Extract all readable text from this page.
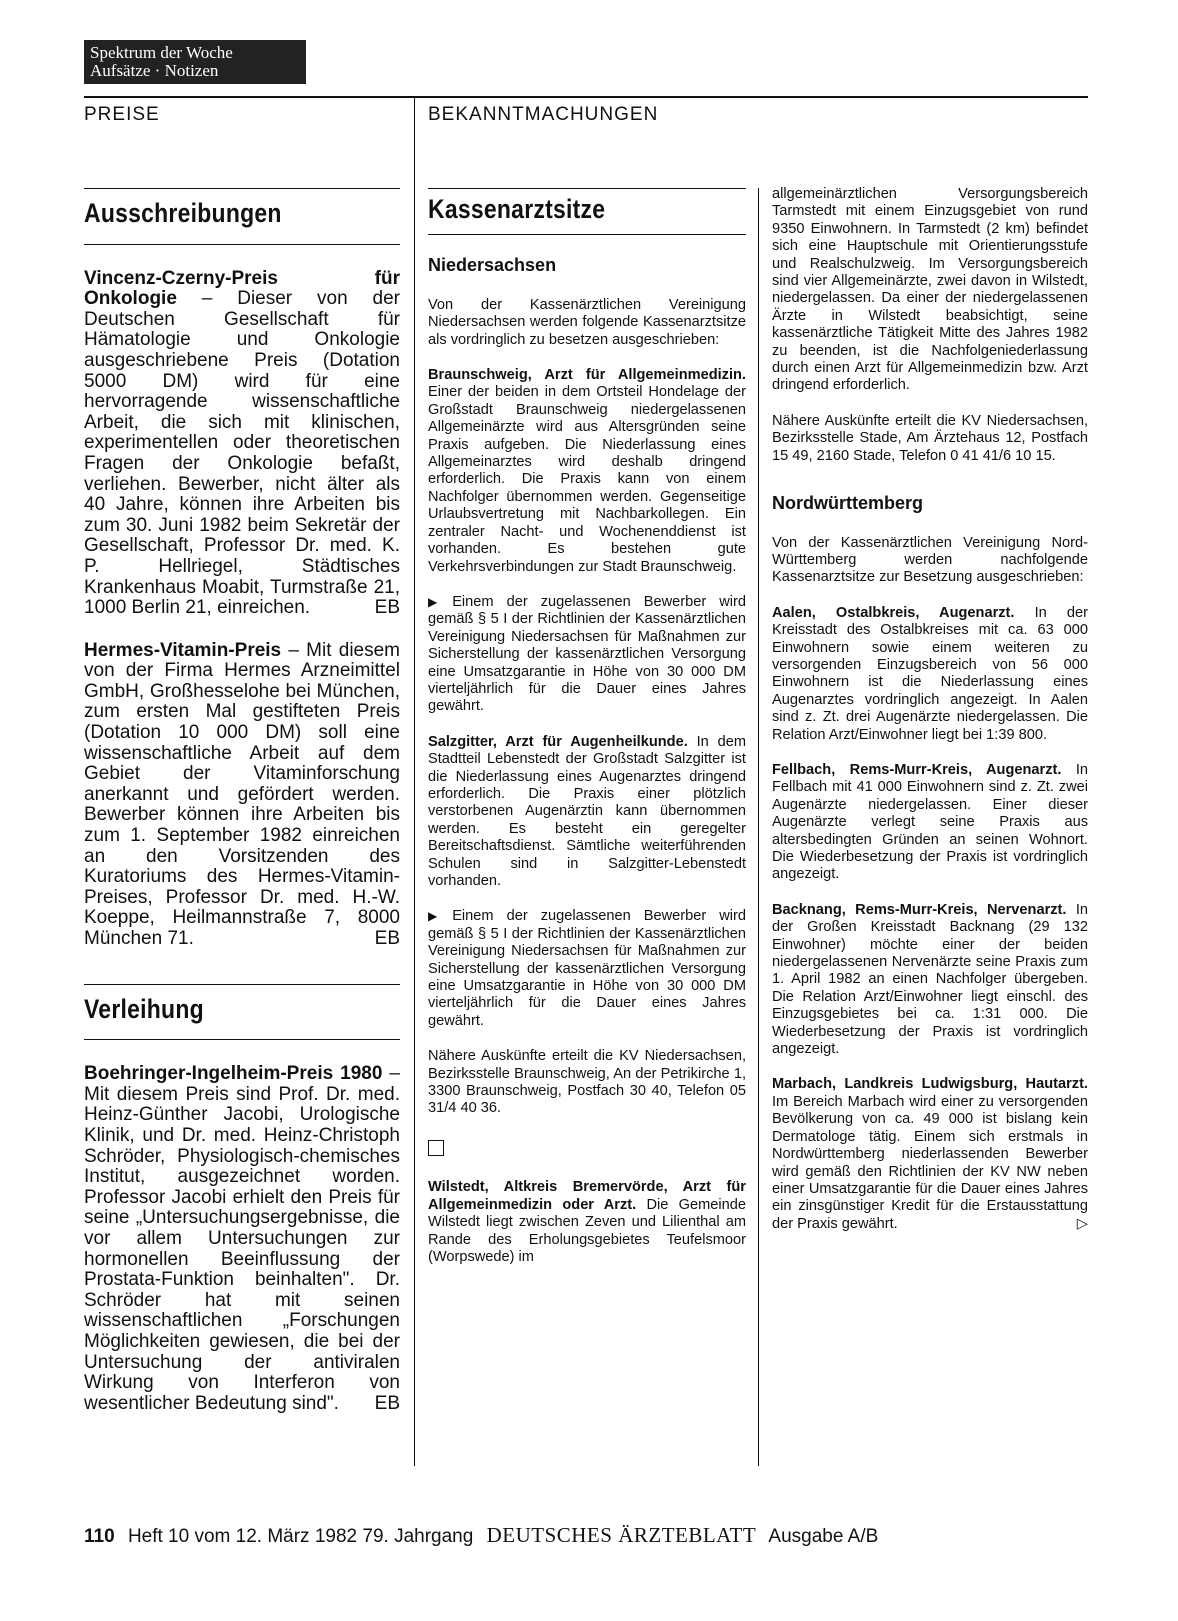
Spektrum der Woche
Aufsätze · Notizen
PREISE	BEKANNTMACHUNGEN
Ausschreibungen

Vincenz-Czerny-Preis für Onkologie – Dieser von der Deutschen Gesellschaft für Hämatologie und Onkologie ausgeschriebene Preis (Dotation 5000 DM) wird für eine hervorragende wissenschaftliche Arbeit, die sich mit klinischen, experimentellen oder theoretischen Fragen der Onkologie befaßt, verliehen. Bewerber, nicht älter als 40 Jahre, können ihre Arbeiten bis zum 30. Juni 1982 beim Sekretär der Gesellschaft, Professor Dr. med. K. P. Hellriegel, Städtisches Krankenhaus Moabit, Turmstraße 21, 1000 Berlin 21, einreichen.	EB

Hermes-Vitamin-Preis – Mit diesem von der Firma Hermes Arzneimittel GmbH, Großhesselohe bei München, zum ersten Mal gestifteten Preis (Dotation 10 000 DM) soll eine wissenschaftliche Arbeit auf dem Gebiet der Vitaminforschung anerkannt und gefördert werden. Bewerber können ihre Arbeiten bis zum 1. September 1982 einreichen an den Vorsitzenden des Kuratoriums des Hermes-Vitamin-Preises, Professor Dr. med. H.-W. Koeppe, Heilmannstraße 7, 8000 München 71.	EB

Verleihung

Boehringer-Ingelheim-Preis 1980 – Mit diesem Preis sind Prof. Dr. med. Heinz-Günther Jacobi, Urologische Klinik, und Dr. med. Heinz-Christoph Schröder, Physiologisch-chemisches Institut, ausgezeichnet worden. Professor Jacobi erhielt den Preis für seine „Untersuchungsergebnisse, die vor allem Untersuchungen zur hormonellen Beeinflussung der Prostata-Funktion beinhalten". Dr. Schröder hat mit seinen wissenschaftlichen „Forschungen Möglichkeiten gewiesen, die bei der Untersuchung der antiviralen Wirkung von Interferon von wesentlicher Bedeutung sind". EB

Kassenarztsitze
Niedersachsen

Von der Kassenärztlichen Vereinigung Niedersachsen werden folgende Kassenarztsitze als vordringlich zu besetzen ausgeschrieben:

Braunschweig, Arzt für Allgemeinmedizin. Einer der beiden in dem Ortsteil Hondelage der Großstadt Braunschweig niedergelassenen Allgemeinärzte wird aus Altersgründen seine Praxis aufgeben. Die Niederlassung eines Allgemeinarztes wird deshalb dringend erforderlich. Die Praxis kann von einem Nachfolger übernommen werden. Gegenseitige Urlaubsvertretung mit Nachbarkollegen. Ein zentraler Nacht- und Wochenenddienst ist vorhanden. Es bestehen gute Verkehrsverbindungen zur Stadt Braunschweig.

▶ Einem der zugelassenen Bewerber wird gemäß § 5 I der Richtlinien der Kassenärztlichen Vereinigung Niedersachsen für Maßnahmen zur Sicherstellung der kassenärztlichen Versorgung eine Umsatzgarantie in Höhe von 30 000 DM vierteljährlich für die Dauer eines Jahres gewährt.

Salzgitter, Arzt für Augenheilkunde. In dem Stadtteil Lebenstedt der Großstadt Salzgitter ist die Niederlassung eines Augenarztes dringend erforderlich. Die Praxis einer plötzlich verstorbenen Augenärztin kann übernommen werden. Es besteht ein geregelter Bereitschaftsdienst. Sämtliche weiterführenden Schulen sind in Salzgitter-Lebenstedt vorhanden.

▶ Einem der zugelassenen Bewerber wird gemäß § 5 I der Richtlinien der Kassenärztlichen Vereinigung Niedersachsen für Maßnahmen zur Sicherstellung der kassenärztlichen Versorgung eine Umsatzgarantie in Höhe von 30 000 DM vierteljährlich für die Dauer eines Jahres gewährt.

Nähere Auskünfte erteilt die KV Niedersachsen, Bezirksstelle Braunschweig, An der Petrikirche 1, 3300 Braunschweig, Postfach 30 40, Telefon 05 31/4 40 36.

Wilstedt, Altkreis Bremervörde, Arzt für Allgemeinmedizin oder Arzt. Die Gemeinde Wilstedt liegt zwischen Zeven und Lilienthal am Rande des Erholungsgebietes Teufelsmoor (Worpswede) im

allgemeinärztlichen Versorgungsbereich Tarmstedt mit einem Einzugsgebiet von rund 9350 Einwohnern. In Tarmstedt (2 km) befindet sich eine Hauptschule mit Orientierungsstufe und Realschulzweig. Im Versorgungsbereich sind vier Allgemeinärzte, zwei davon in Wilstedt, niedergelassen. Da einer der niedergelassenen Ärzte in Wilstedt beabsichtigt, seine kassenärztliche Tätigkeit Mitte des Jahres 1982 zu beenden, ist die Nachfolgeniederlassung durch einen Arzt für Allgemeinmedizin bzw. Arzt dringend erforderlich.

Nähere Auskünfte erteilt die KV Niedersachsen, Bezirksstelle Stade, Am Ärztehaus 12, Postfach 15 49, 2160 Stade, Telefon 0 41 41/6 10 15.

Nordwürttemberg

Von der Kassenärztlichen Vereinigung Nord-Württemberg werden nachfolgende Kassenarztsitze zur Besetzung ausgeschrieben:

Aalen, Ostalbkreis, Augenarzt. In der Kreisstadt des Ostalbkreises mit ca. 63 000 Einwohnern sowie einem weiteren zu versorgenden Einzugsbereich von 56 000 Einwohnern ist die Niederlassung eines Augenarztes vordringlich angezeigt. In Aalen sind z. Zt. drei Augenärzte niedergelassen. Die Relation Arzt/Einwohner liegt bei 1:39 800.

Fellbach, Rems-Murr-Kreis, Augenarzt. In Fellbach mit 41 000 Einwohnern sind z. Zt. zwei Augenärzte niedergelassen. Einer dieser Augenärzte verlegt seine Praxis aus altersbedingten Gründen an seinen Wohnort. Die Wiederbesetzung der Praxis ist vordringlich angezeigt.

Backnang, Rems-Murr-Kreis, Nervenarzt. In der Großen Kreisstadt Backnang (29 132 Einwohner) möchte einer der beiden niedergelassenen Nervenärzte seine Praxis zum 1. April 1982 an einen Nachfolger übergeben. Die Relation Arzt/Einwohner liegt einschl. des Einzugsgebietes bei ca. 1:31 000. Die Wiederbesetzung der Praxis ist vordringlich angezeigt.

Marbach, Landkreis Ludwigsburg, Hautarzt. Im Bereich Marbach wird einer zu versorgenden Bevölkerung von ca. 49 000 ist bislang kein Dermatologe tätig. Einem sich erstmals in Nordwürttemberg niederlassenden Bewerber wird gemäß den Richtlinien der KV NW neben einer Umsatzgarantie für die Dauer eines Jahres ein zinsgünstiger Kredit für die Erstausstattung der Praxis gewährt.	▷

110 Heft 10 vom 12. März 1982 79. Jahrgang DEUTSCHES ÄRZTEBLATT Ausgabe A/B
